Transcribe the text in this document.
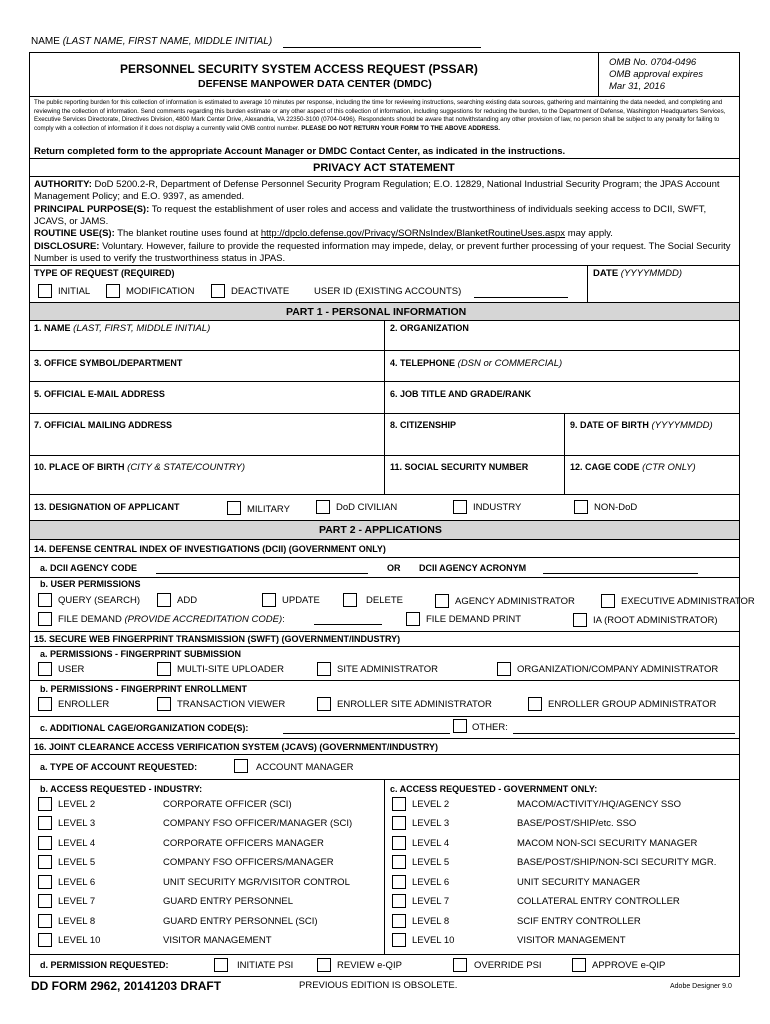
NAME (LAST NAME, FIRST NAME, MIDDLE INITIAL)
PERSONNEL SECURITY SYSTEM ACCESS REQUEST (PSSAR)
DEFENSE MANPOWER DATA CENTER (DMDC)
OMB No. 0704-0496
OMB approval expires
Mar 31, 2016
The public reporting burden for this collection of information is estimated to average 10 minutes per response, including the time for reviewing instructions, searching existing data sources, gathering and maintaining the data needed, and completing and reviewing the collection of information. Send comments regarding this burden estimate or any other aspect of this collection of information, including suggestions for reducing the burden, to the Department of Defense, Washington Headquarters Services, Executive Services Directorate, Directives Division, 4800 Mark Center Drive, Alexandria, VA 22350-3100 (0704-0496). Respondents should be aware that notwithstanding any other provision of law, no person shall be subject to any penalty for failing to comply with a collection of information if it does not display a currently valid OMB control number. PLEASE DO NOT RETURN YOUR FORM TO THE ABOVE ADDRESS.
Return completed form to the appropriate Account Manager or DMDC Contact Center, as indicated in the instructions.
PRIVACY ACT STATEMENT
AUTHORITY: DoD 5200.2-R, Department of Defense Personnel Security Program Regulation; E.O. 12829, National Industrial Security Program; the JPAS Account Management Policy; and E.O. 9397, as amended.
PRINCIPAL PURPOSE(S): To request the establishment of user roles and access and validate the trustworthiness of individuals seeking access to DCII, SWFT, JCAVS, or JAMS.
ROUTINE USE(S): The blanket routine uses found at http://dpclo.defense.gov/Privacy/SORNsIndex/BlanketRoutineUses.aspx may apply.
DISCLOSURE: Voluntary. However, failure to provide the requested information may impede, delay, or prevent further processing of your request. The Social Security Number is used to verify the trustworthiness status in JPAS.
TYPE OF REQUEST (REQUIRED)	DATE (YYYYMMDD)
INITIAL	MODIFICATION	DEACTIVATE	USER ID (EXISTING ACCOUNTS)
PART 1 - PERSONAL INFORMATION
1. NAME (LAST, FIRST, MIDDLE INITIAL)	2. ORGANIZATION
3. OFFICE SYMBOL/DEPARTMENT	4. TELEPHONE (DSN or COMMERCIAL)
5. OFFICIAL E-MAIL ADDRESS	6. JOB TITLE AND GRADE/RANK
7. OFFICIAL MAILING ADDRESS	8. CITIZENSHIP	9. DATE OF BIRTH (YYYYMMDD)
10. PLACE OF BIRTH (CITY & STATE/COUNTRY)	11. SOCIAL SECURITY NUMBER	12. CAGE CODE (CTR ONLY)
13. DESIGNATION OF APPLICANT	MILITARY	DoD CIVILIAN	INDUSTRY	NON-DoD
PART 2 - APPLICATIONS
14. DEFENSE CENTRAL INDEX OF INVESTIGATIONS (DCII) (GOVERNMENT ONLY)
a. DCII AGENCY CODE	OR DCII AGENCY ACRONYM
b. USER PERMISSIONS
QUERY (SEARCH)	ADD	UPDATE	DELETE	AGENCY ADMINISTRATOR	EXECUTIVE ADMINISTRATOR
FILE DEMAND (PROVIDE ACCREDITATION CODE):	FILE DEMAND PRINT	IA (ROOT ADMINISTRATOR)
15. SECURE WEB FINGERPRINT TRANSMISSION (SWFT) (GOVERNMENT/INDUSTRY)
a. PERMISSIONS - FINGERPRINT SUBMISSION
USER	MULTI-SITE UPLOADER	SITE ADMINISTRATOR	ORGANIZATION/COMPANY ADMINISTRATOR
b. PERMISSIONS - FINGERPRINT ENROLLMENT
ENROLLER	TRANSACTION VIEWER	ENROLLER SITE ADMINISTRATOR	ENROLLER GROUP ADMINISTRATOR
c. ADDITIONAL CAGE/ORGANIZATION CODE(S):	OTHER:
16. JOINT CLEARANCE ACCESS VERIFICATION SYSTEM (JCAVS) (GOVERNMENT/INDUSTRY)
a. TYPE OF ACCOUNT REQUESTED:	ACCOUNT MANAGER
b. ACCESS REQUESTED - INDUSTRY:	c. ACCESS REQUESTED - GOVERNMENT ONLY:
LEVEL 2	CORPORATE OFFICER (SCI)
LEVEL 3	COMPANY FSO OFFICER/MANAGER (SCI)
LEVEL 4	CORPORATE OFFICERS MANAGER
LEVEL 5	COMPANY FSO OFFICERS/MANAGER
LEVEL 6	UNIT SECURITY MGR/VISITOR CONTROL
LEVEL 7	GUARD ENTRY PERSONNEL
LEVEL 8	GUARD ENTRY PERSONNEL (SCI)
LEVEL 10	VISITOR MANAGEMENT
LEVEL 2	MACOM/ACTIVITY/HQ/AGENCY SSO
LEVEL 3	BASE/POST/SHIP/etc. SSO
LEVEL 4	MACOM NON-SCI SECURITY MANAGER
LEVEL 5	BASE/POST/SHIP/NON-SCI SECURITY MGR.
LEVEL 6	UNIT SECURITY MANAGER
LEVEL 7	COLLATERAL ENTRY CONTROLLER
LEVEL 8	SCIF ENTRY CONTROLLER
LEVEL 10	VISITOR MANAGEMENT
d. PERMISSION REQUESTED:	INITIATE PSI	REVIEW e-QIP	OVERRIDE PSI	APPROVE e-QIP
DD FORM 2962, 20141203 DRAFT	PREVIOUS EDITION IS OBSOLETE.	Adobe Designer 9.0
